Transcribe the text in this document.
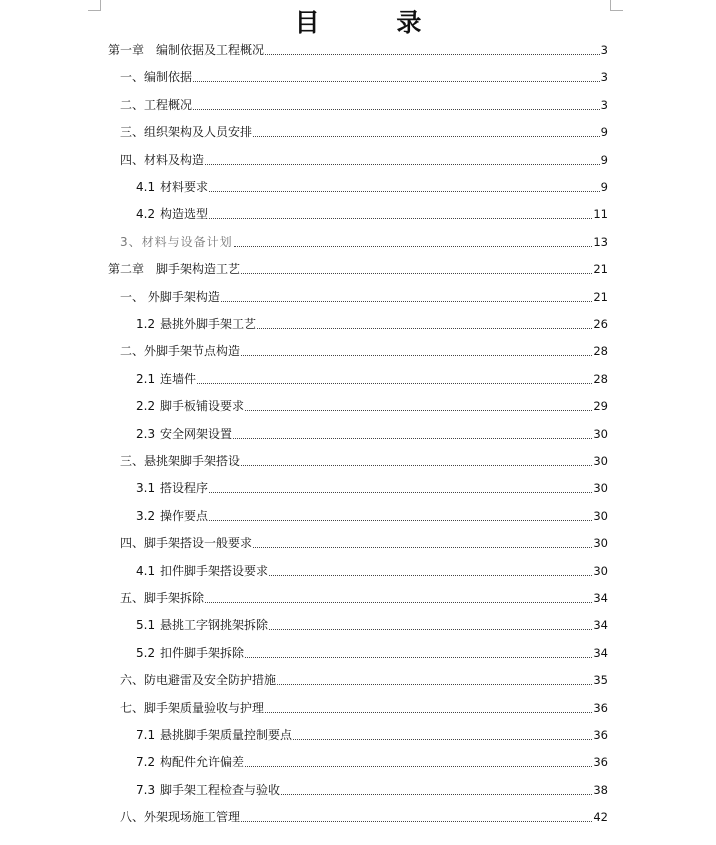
目 录
第一章　编制依据及工程概况	3
一、编制依据	3
二、工程概况	3
三、组织架构及人员安排	9
四、材料及构造	9
4.1 材料要求	9
4.2 构造选型	11
3、材料与设备计划	13
第二章　脚手架构造工艺	21
一、 外脚手架构造	21
1.2 悬挑外脚手架工艺	26
二、外脚手架节点构造	28
2.1 连墙件	28
2.2 脚手板铺设要求	29
2.3 安全网架设置	30
三、悬挑架脚手架搭设	30
3.1 搭设程序	30
3.2 操作要点	30
四、脚手架搭设一般要求	30
4.1 扣件脚手架搭设要求	30
五、脚手架拆除	34
5.1 悬挑工字钢挑架拆除	34
5.2 扣件脚手架拆除	34
六、防电避雷及安全防护措施	35
七、脚手架质量验收与护理	36
7.1 悬挑脚手架质量控制要点	36
7.2 构配件允许偏差	36
7.3 脚手架工程检查与验收	38
八、外架现场施工管理	42
